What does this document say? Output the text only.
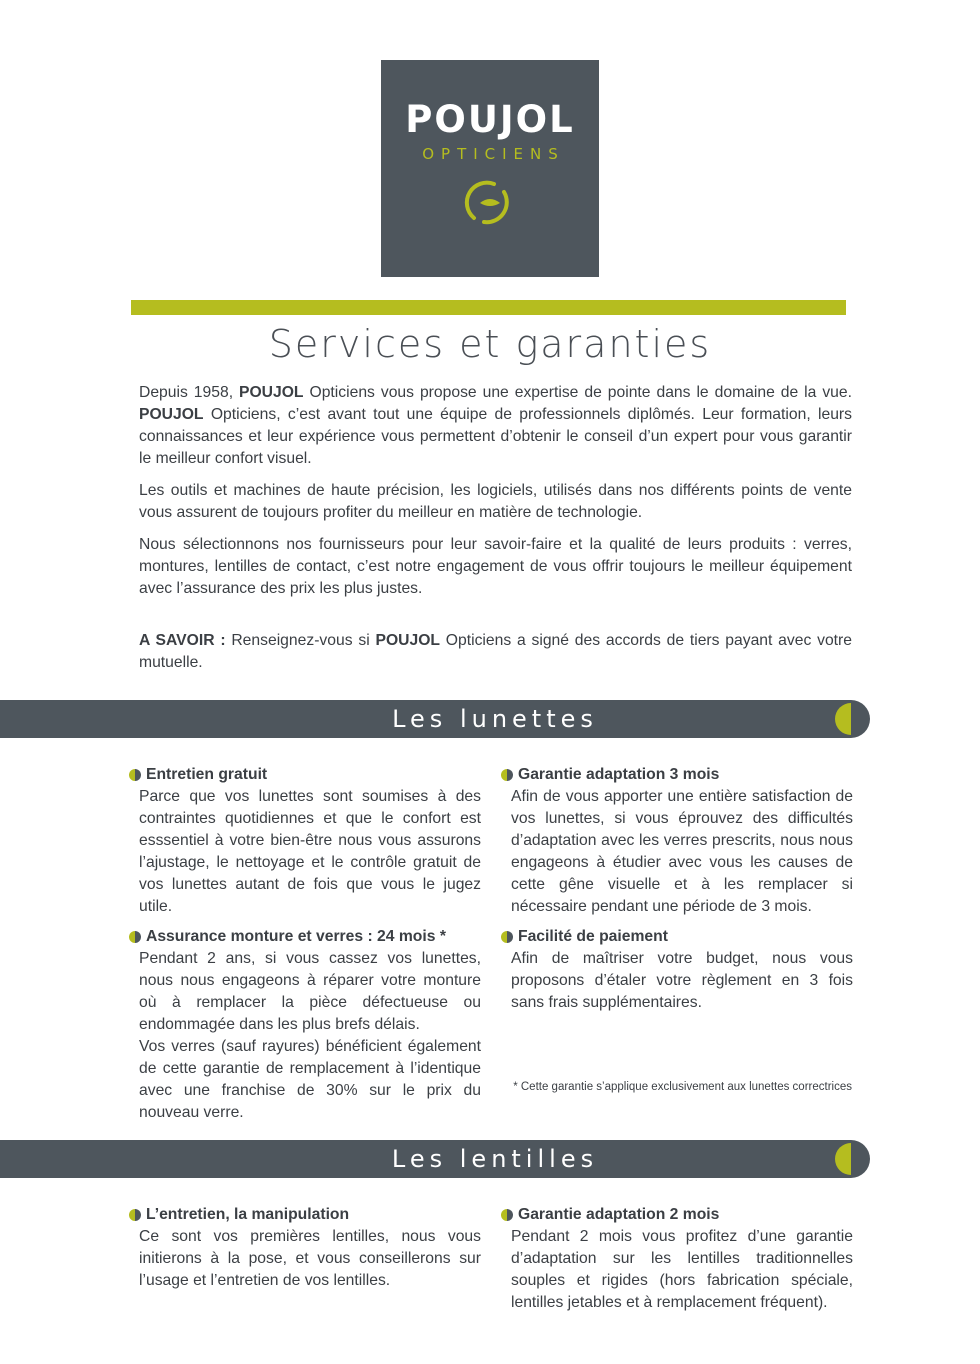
POUJOL
OPTICIENS
Services et garanties

Depuis 1958, POUJOL Opticiens vous propose une expertise de pointe dans le domaine de la vue. POUJOL Opticiens, c’est avant tout une équipe de professionnels diplômés. Leur formation, leurs connaissances et leur expérience vous permettent d’obtenir le conseil d’un expert pour vous garantir le meilleur confort visuel.

Les outils et machines de haute précision, les logiciels, utilisés dans nos différents points de vente vous assurent de toujours profiter du meilleur en matière de technologie.

Nous sélectionnons nos fournisseurs pour leur savoir-faire et la qualité de leurs produits : verres, montures, lentilles de contact, c’est notre engagement de vous offrir toujours le meilleur équipement avec l’assurance des prix les plus justes.

A SAVOIR : Renseignez-vous si POUJOL Opticiens a signé des accords de tiers payant avec votre mutuelle.

Les lunettes
Entretien gratuit

Parce que vos lunettes sont soumises à des contraintes quotidiennes et que le confort est esssentiel à votre bien-être nous vous assurons l’ajustage, le nettoyage et le contrôle gratuit de vos lunettes autant de fois que vous le jugez utile.

Assurance monture et verres : 24 mois *

Pendant 2 ans, si vous cassez vos lunettes, nous nous engageons à réparer votre monture où à remplacer la pièce défectueuse ou endommagée dans les plus brefs délais.

Vos verres (sauf rayures) bénéficient également de cette garantie de remplacement à l’identique avec une franchise de 30% sur le prix du nouveau verre.

Garantie adaptation 3 mois

Afin de vous apporter une entière satisfaction de vos lunettes, si vous éprouvez des difficultés d’adaptation avec les verres prescrits, nous nous engageons à étudier avec vous les causes de cette gêne visuelle et à les remplacer si nécessaire pendant une période de 3 mois.

Facilité de paiement

Afin de maîtriser votre budget, nous vous proposons d’étaler votre règlement en 3 fois sans frais supplémentaires.

* Cette garantie s’applique exclusivement aux lunettes correctrices
Les lentilles
L’entretien, la manipulation

Ce sont vos premières lentilles, nous vous initierons à la pose, et vous conseillerons sur l’usage et l’entretien de vos lentilles.

Garantie adaptation 2 mois

Pendant 2 mois vous profitez d’une garantie d’adaptation sur les lentilles traditionnelles souples et rigides (hors fabrication spéciale, lentilles jetables et à remplacement fréquent).
